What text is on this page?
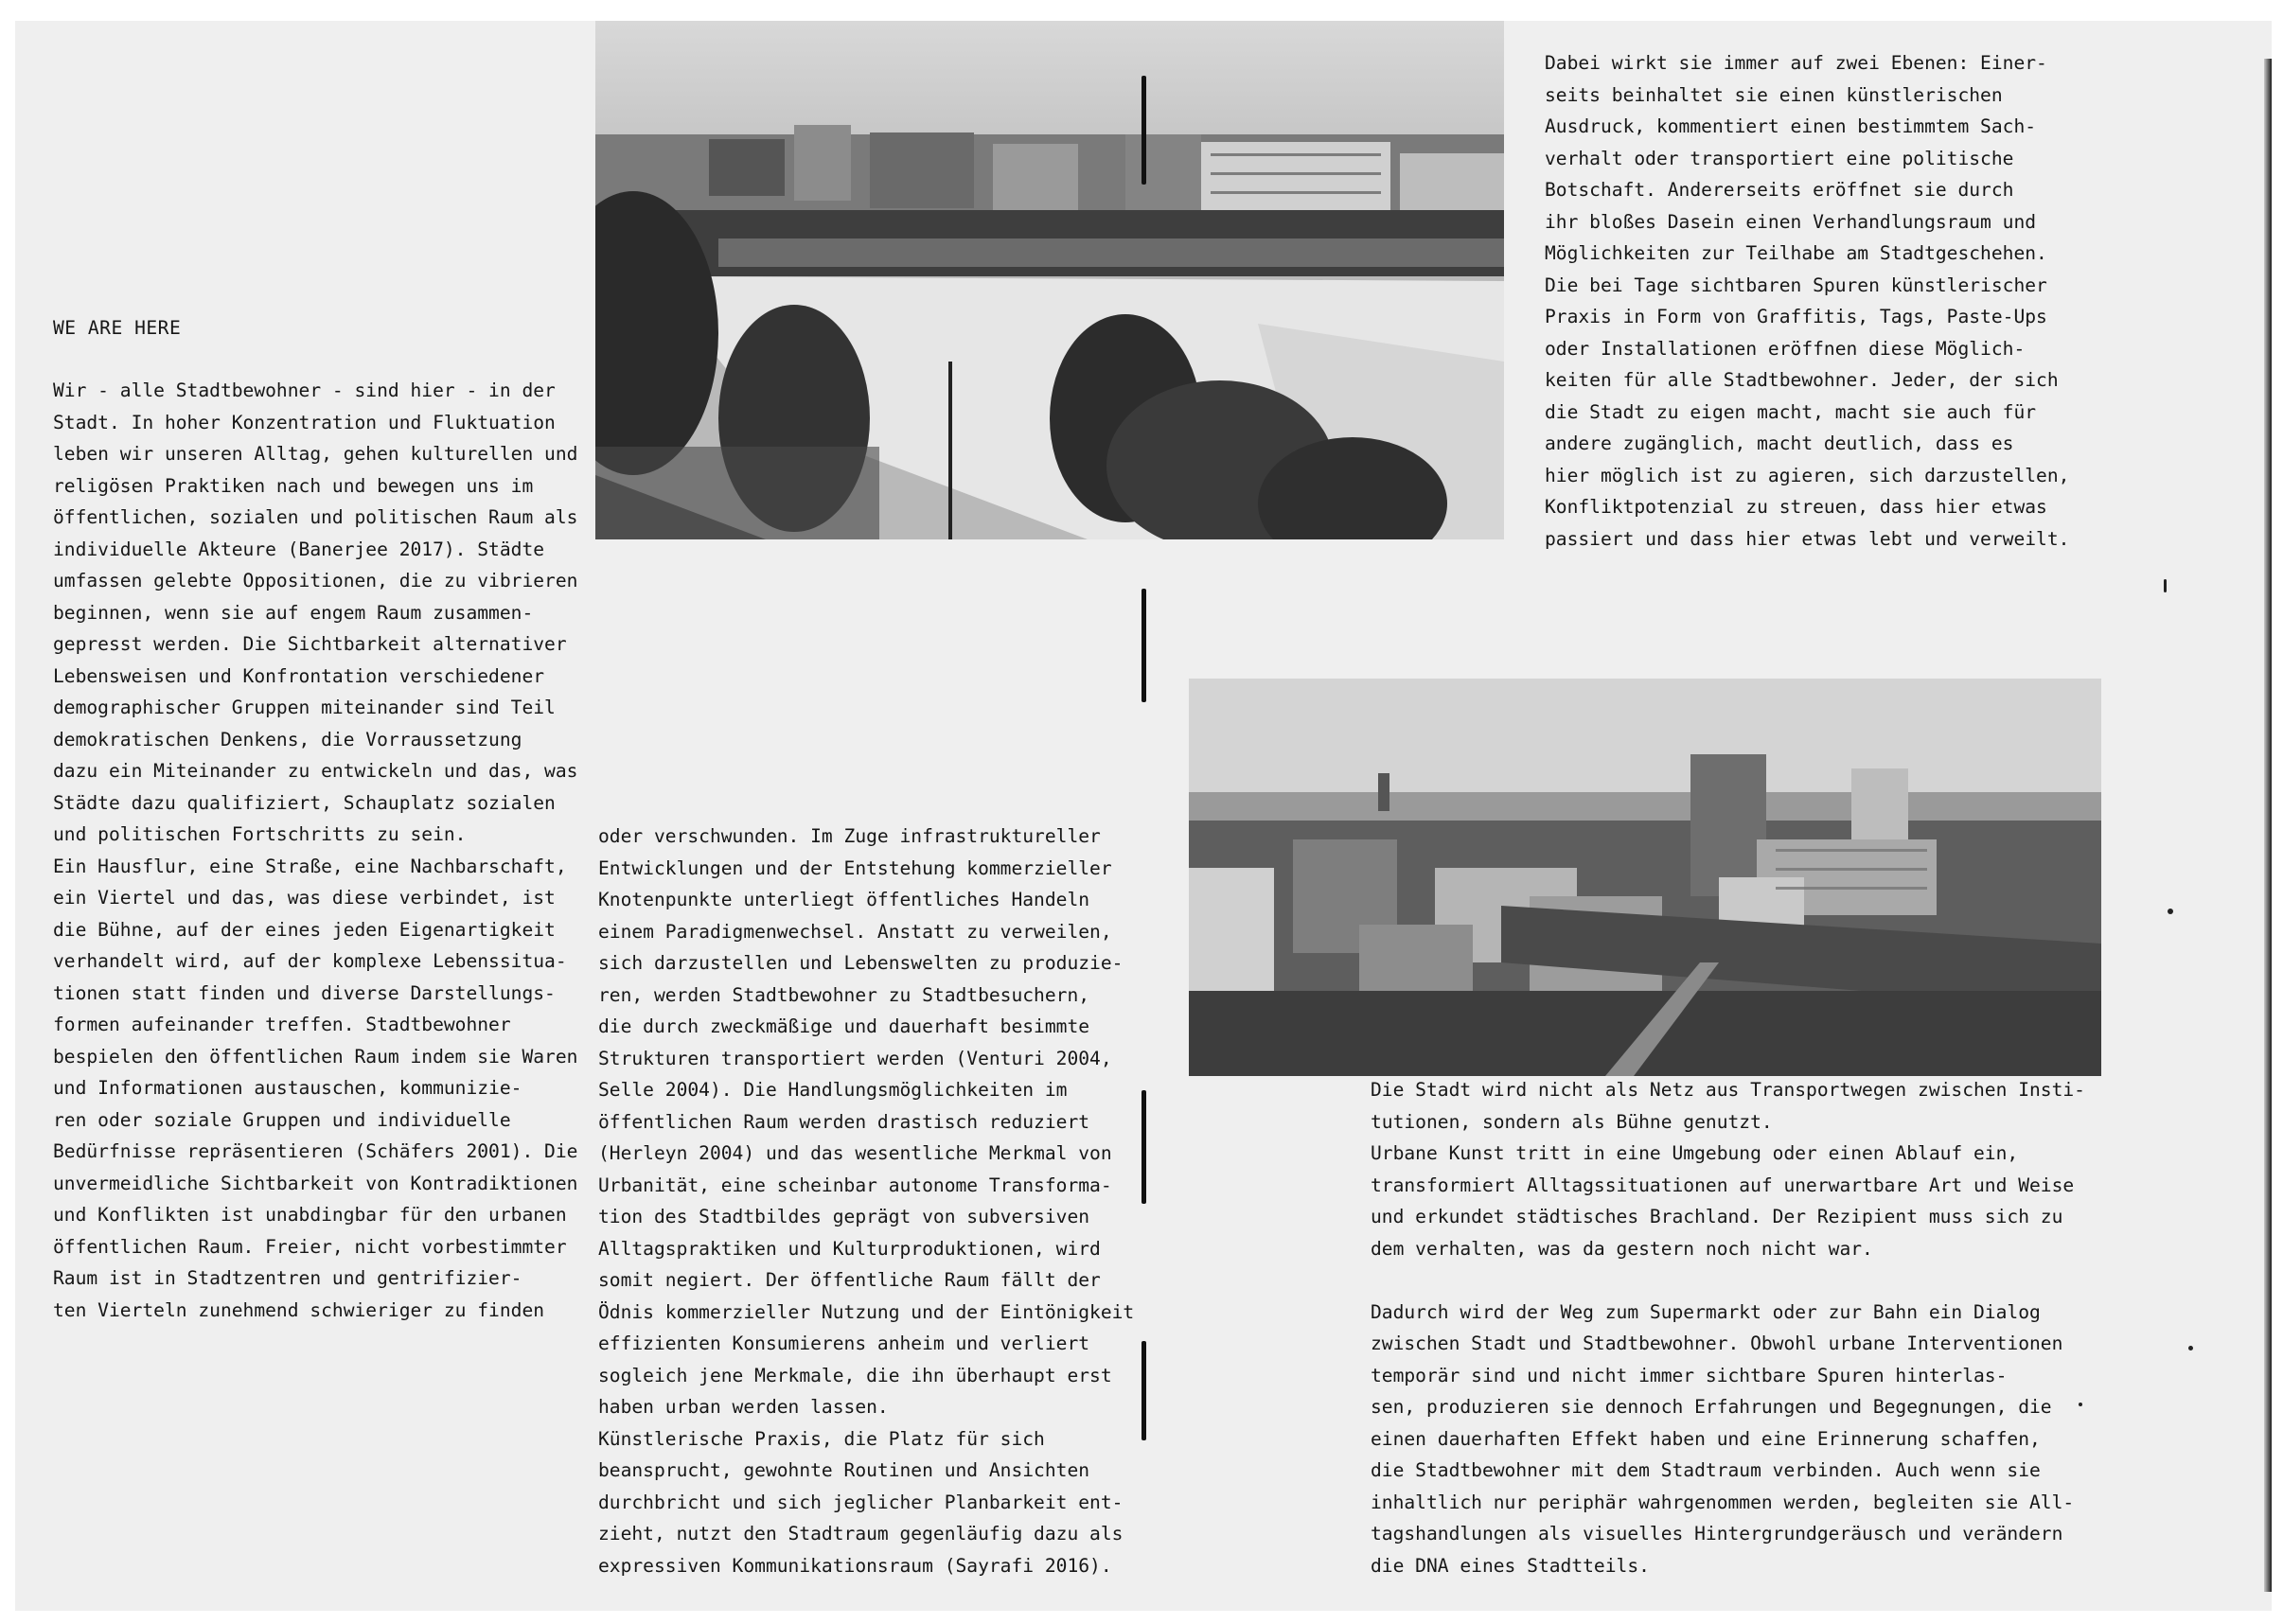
WE ARE HERE
Wir - alle Stadtbewohner - sind hier - in der
Stadt. In hoher Konzentration und Fluktuation
leben wir unseren Alltag, gehen kulturellen und
religösen Praktiken nach und bewegen uns im
öffentlichen, sozialen und politischen Raum als
individuelle Akteure (Banerjee 2017). Städte
umfassen gelebte Oppositionen, die zu vibrieren
beginnen, wenn sie auf engem Raum zusammen-
gepresst werden. Die Sichtbarkeit alternativer
Lebensweisen und Konfrontation verschiedener
demographischer Gruppen miteinander sind Teil
demokratischen Denkens, die Vorraussetzung
dazu ein Miteinander zu entwickeln und das, was
Städte dazu qualifiziert, Schauplatz sozialen
und politischen Fortschritts zu sein.
Ein Hausflur, eine Straße, eine Nachbarschaft,
ein Viertel und das, was diese verbindet, ist
die Bühne, auf der eines jeden Eigenartigkeit
verhandelt wird, auf der komplexe Lebenssitua-
tionen statt finden und diverse Darstellungs-
formen aufeinander treffen. Stadtbewohner
bespielen den öffentlichen Raum indem sie Waren
und Informationen austauschen, kommunizie-
ren oder soziale Gruppen und individuelle
Bedürfnisse repräsentieren (Schäfers 2001). Die
unvermeidliche Sichtbarkeit von Kontradiktionen
und Konflikten ist unabdingbar für den urbanen
öffentlichen Raum. Freier, nicht vorbestimmter
Raum ist in Stadtzentren und gentrifizier-
ten Vierteln zunehmend schwieriger zu finden
oder verschwunden. Im Zuge infrastruktureller
Entwicklungen und der Entstehung kommerzieller
Knotenpunkte unterliegt öffentliches Handeln
einem Paradigmenwechsel. Anstatt zu verweilen,
sich darzustellen und Lebenswelten zu produzie-
ren, werden Stadtbewohner zu Stadtbesuchern,
die durch zweckmäßige und dauerhaft besimmte
Strukturen transportiert werden (Venturi 2004,
Selle 2004). Die Handlungsmöglichkeiten im
öffentlichen Raum werden drastisch reduziert
(Herleyn 2004) und das wesentliche Merkmal von
Urbanität, eine scheinbar autonome Transforma-
tion des Stadtbildes geprägt von subversiven
Alltagspraktiken und Kulturproduktionen, wird
somit negiert. Der öffentliche Raum fällt der
Ödnis kommerzieller Nutzung und der Eintönigkeit
effizienten Konsumierens anheim und verliert
sogleich jene Merkmale, die ihn überhaupt erst
haben urban werden lassen.
Künstlerische Praxis, die Platz für sich
beansprucht, gewohnte Routinen und Ansichten
durchbricht und sich jeglicher Planbarkeit ent-
zieht, nutzt den Stadtraum gegenläufig dazu als
expressiven Kommunikationsraum (Sayrafi 2016).
Dabei wirkt sie immer auf zwei Ebenen: Einer-
seits beinhaltet sie einen künstlerischen
Ausdruck, kommentiert einen bestimmtem Sach-
verhalt oder transportiert eine politische
Botschaft. Andererseits eröffnet sie durch
ihr bloßes Dasein einen Verhandlungsraum und
Möglichkeiten zur Teilhabe am Stadtgeschehen.
Die bei Tage sichtbaren Spuren künstlerischer
Praxis in Form von Graffitis, Tags, Paste-Ups
oder Installationen eröffnen diese Möglich-
keiten für alle Stadtbewohner. Jeder, der sich
die Stadt zu eigen macht, macht sie auch für
andere zugänglich, macht deutlich, dass es
hier möglich ist zu agieren, sich darzustellen,
Konfliktpotenzial zu streuen, dass hier etwas
passiert und dass hier etwas lebt und verweilt.
Die Stadt wird nicht als Netz aus Transportwegen zwischen Insti-
tutionen, sondern als Bühne genutzt.
Urbane Kunst tritt in eine Umgebung oder einen Ablauf ein,
transformiert Alltagssituationen auf unerwartbare Art und Weise
und erkundet städtisches Brachland. Der Rezipient muss sich zu
dem verhalten, was da gestern noch nicht war.

Dadurch wird der Weg zum Supermarkt oder zur Bahn ein Dialog
zwischen Stadt und Stadtbewohner. Obwohl urbane Interventionen
temporär sind und nicht immer sichtbare Spuren hinterlas-
sen, produzieren sie dennoch Erfahrungen und Begegnungen, die
einen dauerhaften Effekt haben und eine Erinnerung schaffen,
die Stadtbewohner mit dem Stadtraum verbinden. Auch wenn sie
inhaltlich nur periphär wahrgenommen werden, begleiten sie All-
tagshandlungen als visuelles Hintergrundgeräusch und verändern
die DNA eines Stadtteils.
